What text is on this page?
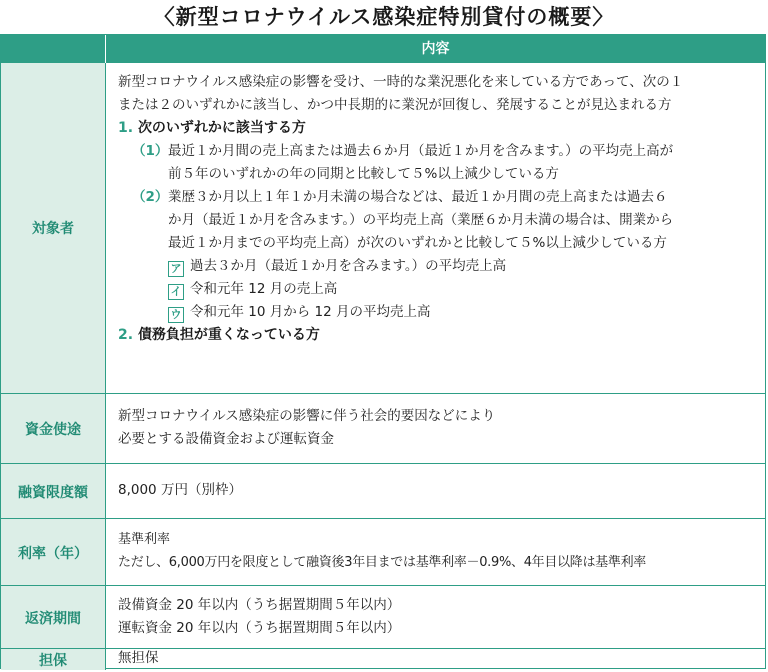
〈新型コロナウイルス感染症特別貸付の概要〉
内容
対象者
新型コロナウイルス感染症の影響を受け、一時的な業況悪化を来している方であって、次の１
または２のいずれかに該当し、かつ中長期的に業況が回復し、発展することが見込まれる方
1. 次のいずれかに該当する方
（1） 最近１か月間の売上高または過去６か月（最近１か月を含みます。）の平均売上高が
前５年のいずれかの年の同期と比較して５%以上減少している方
（2） 業歴３か月以上１年１か月未満の場合などは、最近１か月間の売上高または過去６
か月（最近１か月を含みます。）の平均売上高（業歴６か月未満の場合は、開業から
最近１か月までの平均売上高）が次のいずれかと比較して５%以上減少している方
ア 過去３か月（最近１か月を含みます。）の平均売上高
イ 令和元年 12 月の売上高
ウ 令和元年 10 月から 12 月の平均売上高
2. 債務負担が重くなっている方
資金使途
新型コロナウイルス感染症の影響に伴う社会的要因などにより
必要とする設備資金および運転資金
融資限度額	8,000 万円（別枠）
利率（年）
基準利率
ただし、6,000万円を限度として融資後3年目までは基準利率－0.9%、4年目以降は基準利率
返済期間
設備資金 20 年以内（うち据置期間５年以内）
運転資金 20 年以内（うち据置期間５年以内）
担保	無担保
